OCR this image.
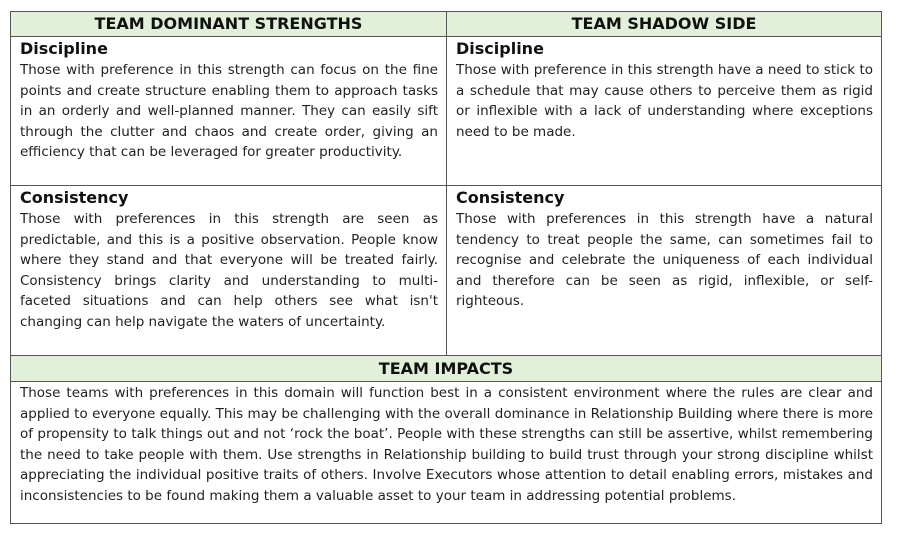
TEAM DOMINANT STRENGTHS	TEAM SHADOW SIDE
Discipline
Those with preference in this strength can focus on the fine points and create structure enabling them to approach tasks in an orderly and well-planned manner. They can easily sift through the clutter and chaos and create order, giving an efficiency that can be leveraged for greater productivity.
Discipline
Those with preference in this strength have a need to stick to a schedule that may cause others to perceive them as rigid or inflexible with a lack of understanding where exceptions need to be made.
Consistency
Those with preferences in this strength are seen as predictable, and this is a positive observation. People know where they stand and that everyone will be treated fairly. Consistency brings clarity and understanding to multi-faceted situations and can help others see what isn't changing can help navigate the waters of uncertainty.
Consistency
Those with preferences in this strength have a natural tendency to treat people the same, can sometimes fail to recognise and celebrate the uniqueness of each individual and therefore can be seen as rigid, inflexible, or self-righteous.
TEAM IMPACTS
Those teams with preferences in this domain will function best in a consistent environment where the rules are clear and applied to everyone equally. This may be challenging with the overall dominance in Relationship Building where there is more of propensity to talk things out and not ‘rock the boat’. People with these strengths can still be assertive, whilst remembering the need to take people with them. Use strengths in Relationship building to build trust through your strong discipline whilst appreciating the individual positive traits of others. Involve Executors whose attention to detail enabling errors, mistakes and inconsistencies to be found making them a valuable asset to your team in addressing potential problems.
